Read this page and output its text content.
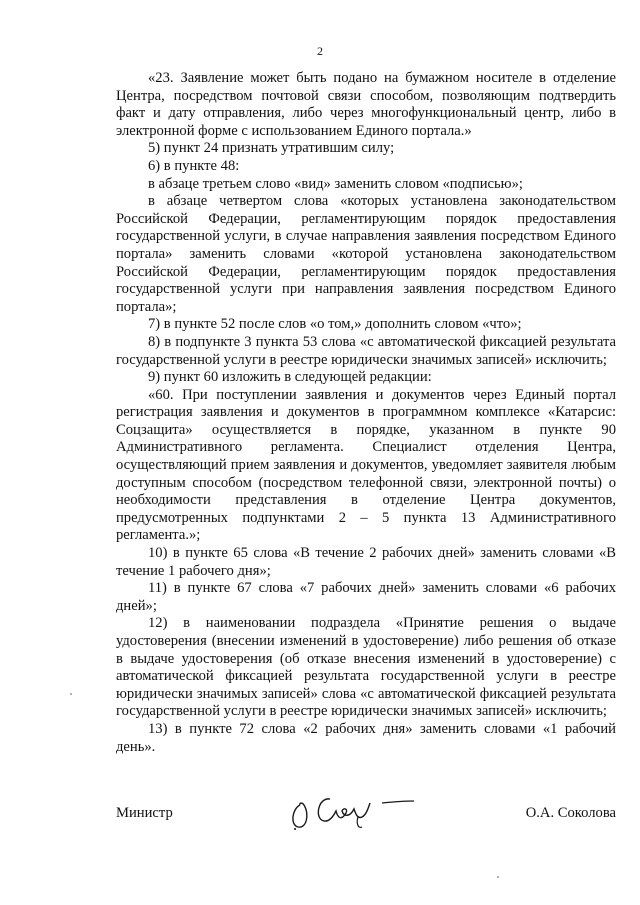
2

«23. Заявление может быть подано на бумажном носителе в отделение Центра, посредством почтовой связи способом, позволяющим подтвердить факт и дату отправления, либо через многофункциональный центр, либо в электронной форме с использованием Единого портала.»

5) пункт 24 признать утратившим силу;

6) в пункте 48:

в абзаце третьем слово «вид» заменить словом «подписью»;

в абзаце четвертом слова «которых установлена законодательством Российской Федерации, регламентирующим порядок предоставления государственной услуги, в случае направления заявления посредством Единого портала» заменить словами «которой установлена законодательством Российской Федерации, регламентирующим порядок предоставления государственной услуги при направления заявления посредством Единого портала»;

7) в пункте 52 после слов «о том,» дополнить словом «что»;

8) в подпункте 3 пункта 53 слова «с автоматической фиксацией результата государственной услуги в реестре юридически значимых записей» исключить;

9) пункт 60 изложить в следующей редакции:

«60. При поступлении заявления и документов через Единый портал регистрация заявления и документов в программном комплексе «Катарсис: Соцзащита» осуществляется в порядке, указанном в пункте 90 Административного регламента. Специалист отделения Центра, осуществляющий прием заявления и документов, уведомляет заявителя любым доступным способом (посредством телефонной связи, электронной почты) о необходимости представления в отделение Центра документов, предусмотренных подпунктами 2 – 5 пункта 13 Административного регламента.»;

10) в пункте 65 слова «В течение 2 рабочих дней» заменить словами «В течение 1 рабочего дня»;

11) в пункте 67 слова «7 рабочих дней» заменить словами «6 рабочих дней»;

12) в наименовании подраздела «Принятие решения о выдаче удостоверения (внесении изменений в удостоверение) либо решения об отказе в выдаче удостоверения (об отказе внесения изменений в удостоверение) с автоматической фиксацией результата государственной услуги в реестре юридически значимых записей» слова «с автоматической фиксацией результата государственной услуги в реестре юридически значимых записей» исключить;

13) в пункте 72 слова «2 рабочих дня» заменить словами «1 рабочий день».

Министр	О.А. Соколова
